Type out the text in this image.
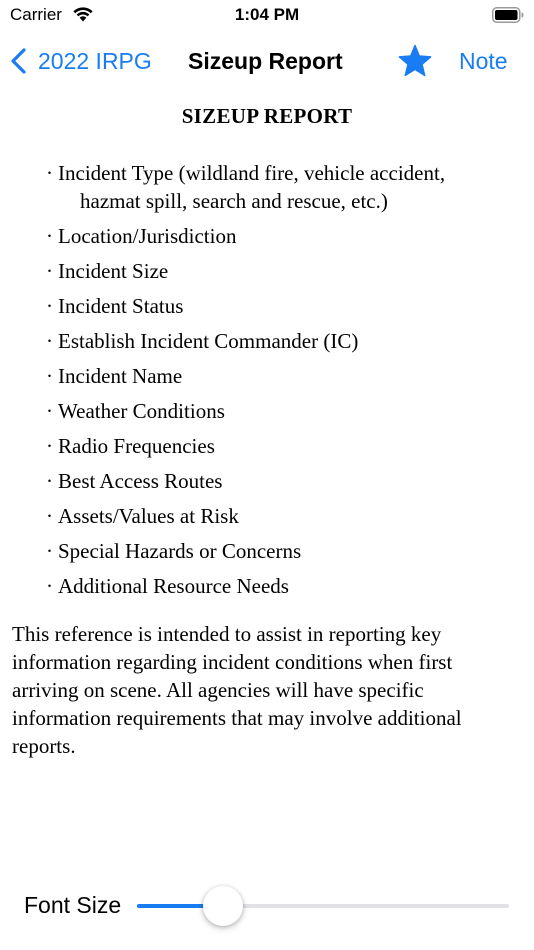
Carrier	1:04 PM
2022 IRPG Sizeup Report	Note
SIZEUP REPORT
· Incident Type (wildland fire, vehicle accident,
hazmat spill, search and rescue, etc.)
· Location/Jurisdiction
· Incident Size
· Incident Status
· Establish Incident Commander (IC)
· Incident Name
· Weather Conditions
· Radio Frequencies
· Best Access Routes
· Assets/Values at Risk
· Special Hazards or Concerns
· Additional Resource Needs

This reference is intended to assist in reporting key information regarding incident conditions when first arriving on scene. All agencies will have specific information requirements that may involve additional reports.

Font Size
